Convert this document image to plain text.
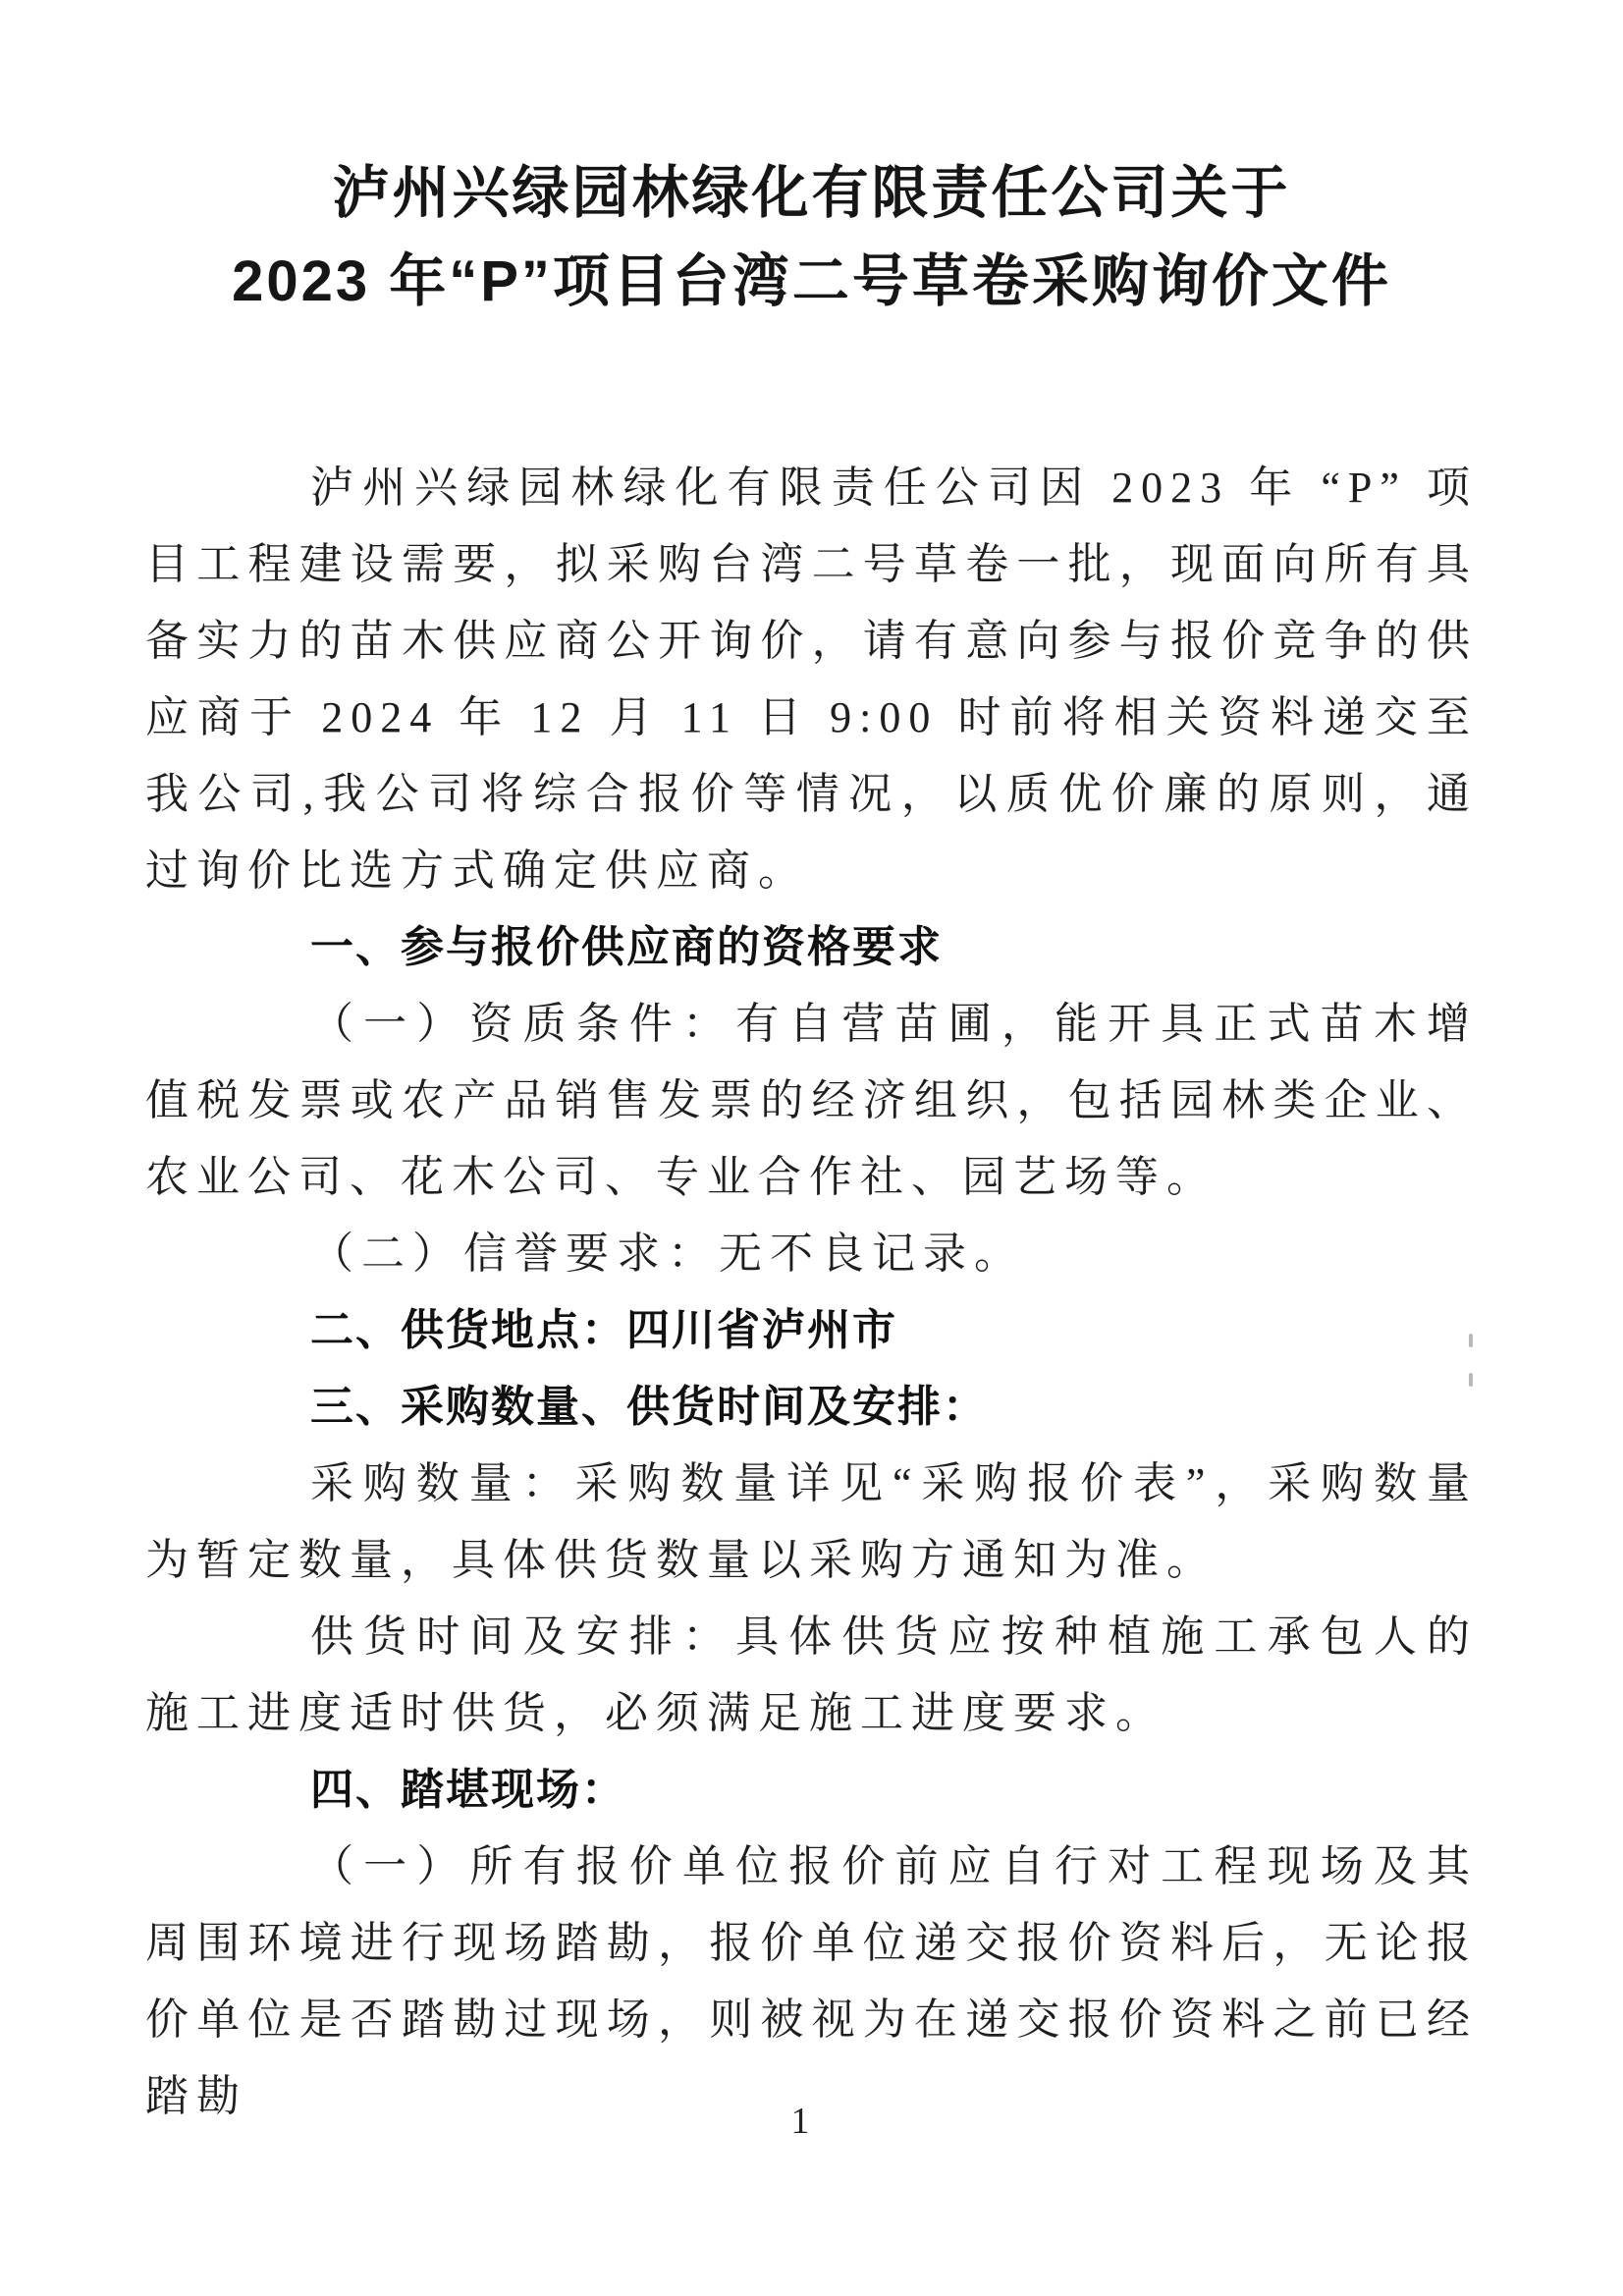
泸州兴绿园林绿化有限责任公司关于
2023 年“P”项目台湾二号草卷采购询价文件

泸州兴绿园林绿化有限责任公司因 2023 年 “P” 项目工程建设需要，拟采购台湾二号草卷一批，现面向所有具备实力的苗木供应商公开询价，请有意向参与报价竞争的供应商于 2024 年 12 月 11 日 9:00 时前将相关资料递交至我公司,我公司将综合报价等情况，以质优价廉的原则，通过询价比选方式确定供应商。

一、参与报价供应商的资格要求

（一）资质条件：有自营苗圃，能开具正式苗木增值税发票或农产品销售发票的经济组织，包括园林类企业、农业公司、花木公司、专业合作社、园艺场等。

（二）信誉要求：无不良记录。

二、供货地点：四川省泸州市

三、采购数量、供货时间及安排：

采购数量：采购数量详见“采购报价表”，采购数量为暂定数量，具体供货数量以采购方通知为准。

供货时间及安排：具体供货应按种植施工承包人的施工进度适时供货，必须满足施工进度要求。

四、踏堪现场：

（一）所有报价单位报价前应自行对工程现场及其周围环境进行现场踏勘，报价单位递交报价资料后，无论报价单位是否踏勘过现场，则被视为在递交报价资料之前已经踏勘

1
